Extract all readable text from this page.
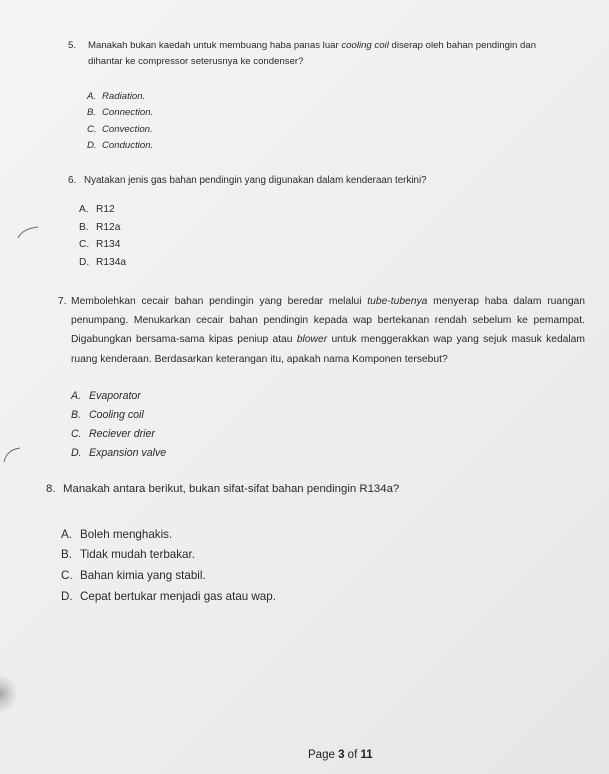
5.	Manakah bukan kaedah untuk membuang haba panas luar cooling coil diserap oleh bahan pendingin dan dihantar ke compressor seterusnya ke condenser?
A. Radiation.
B. Connection.
C. Convection.
D. Conduction.
6. Nyatakan jenis gas bahan pendingin yang digunakan dalam kenderaan terkini?
A. R12
B. R12a
C. R134
D. R134a
7. Membolehkan cecair bahan pendingin yang beredar melalui tube-tubenya menyerap haba dalam ruangan penumpang. Menukarkan cecair bahan pendingin kepada wap bertekanan rendah sebelum ke pemampat. Digabungkan bersama-sama kipas peniup atau blower untuk menggerakkan wap yang sejuk masuk kedalam ruang kenderaan. Berdasarkan keterangan itu, apakah nama Komponen tersebut?
A. Evaporator
B. Cooling coil
C. Reciever drier
D. Expansion valve
8. Manakah antara berikut, bukan sifat-sifat bahan pendingin R134a?
A. Boleh menghakis.
B. Tidak mudah terbakar.
C. Bahan kimia yang stabil.
D. Cepat bertukar menjadi gas atau wap.
Page 3 of 11
